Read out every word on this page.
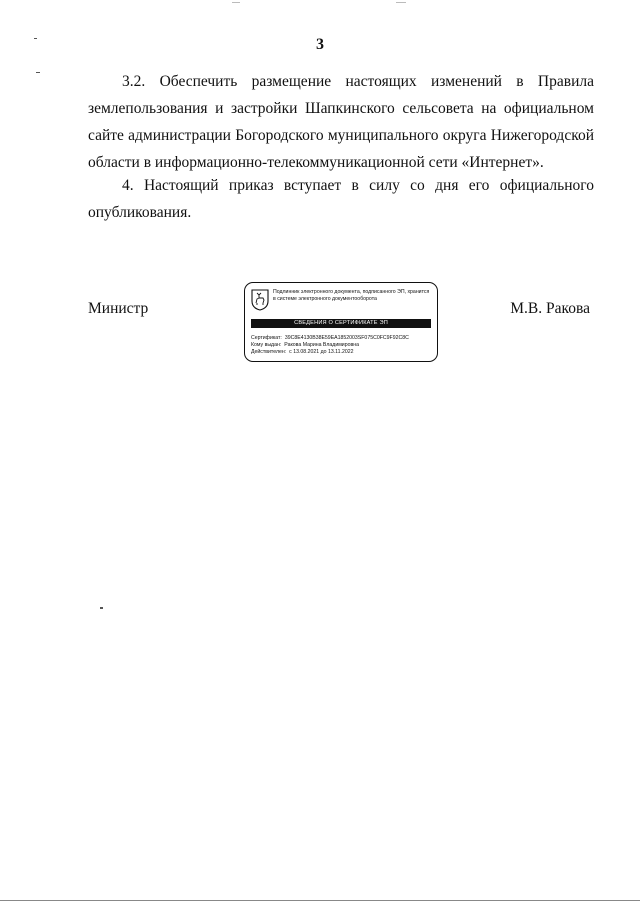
3

3.2. Обеспечить размещение настоящих изменений в Правила землепользования и застройки Шапкинского сельсовета на официальном сайте администрации Богородского муниципального округа Нижегородской области в информационно-телекоммуникационной сети «Интернет».

4. Настоящий приказ вступает в силу со дня его официального опубликования.

Министр
Подлинник электронного документа, подписанного ЭП, хранится в системе электронного документооборота
СВЕДЕНИЯ О СЕРТИФИКАТЕ ЭП
Сертификат: 39C8E4130B38E59EA1852003SF075C0FC9F92C8C
Кому выдан: Ракова Марина Владимировна
Действителен: с 13.08.2021 до 13.11.2022
М.В. Ракова
